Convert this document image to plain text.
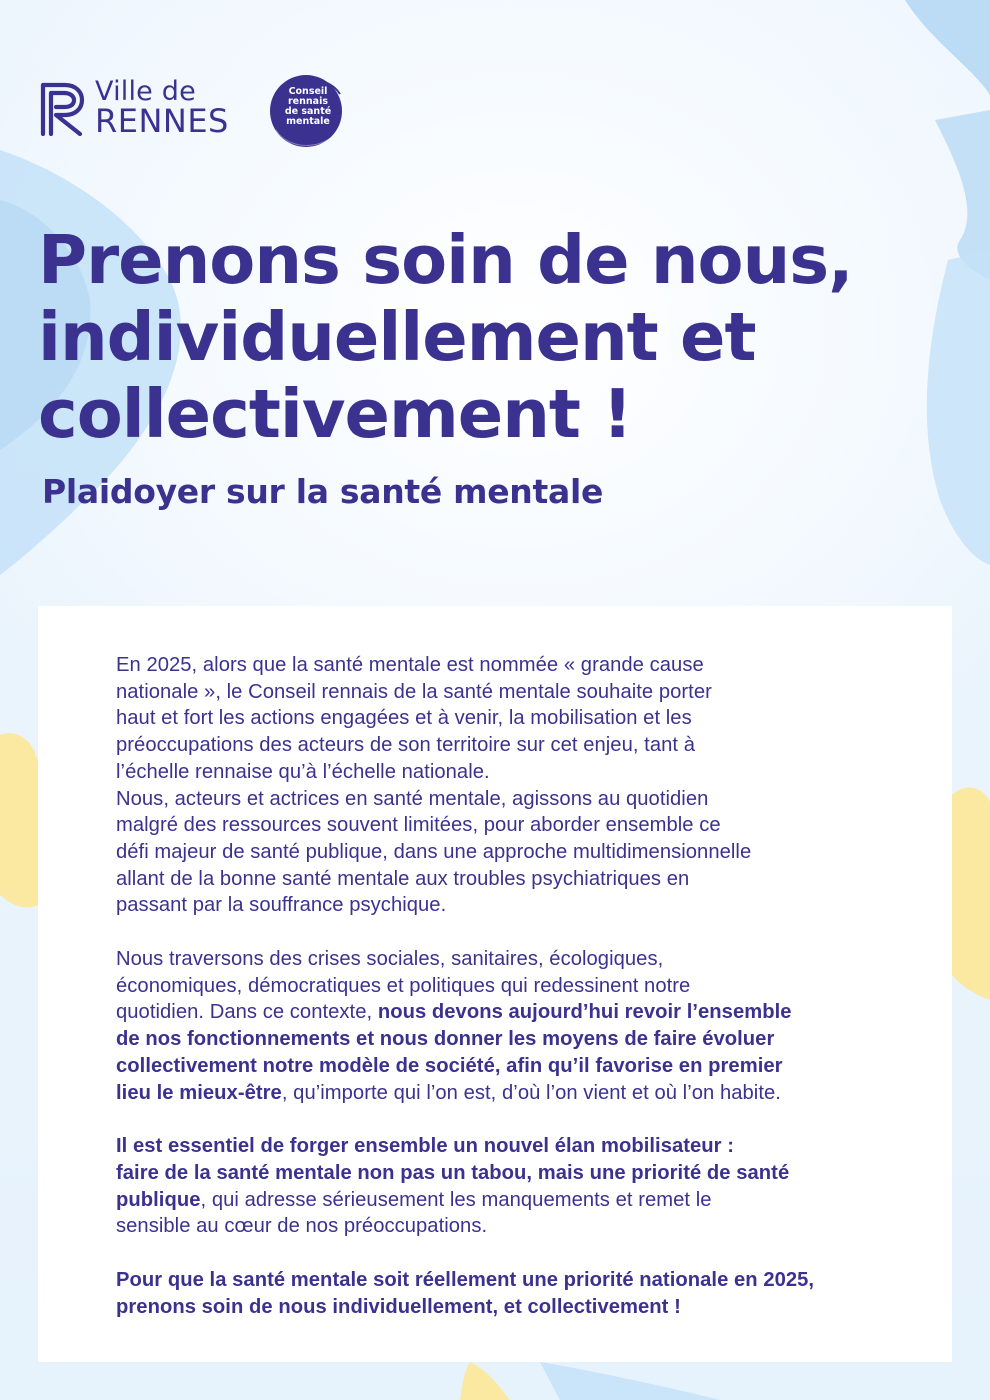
Ville de
RENNES
Conseil
rennais
de santé
mentale
Prenons soin de nous,
individuellement et
collectivement !
Plaidoyer sur la santé mentale

En 2025, alors que la santé mentale est nommée « grande cause
nationale », le Conseil rennais de la santé mentale souhaite porter
haut et fort les actions engagées et à venir, la mobilisation et les
préoccupations des acteurs de son territoire sur cet enjeu, tant à
l’échelle rennaise qu’à l’échelle nationale.
Nous, acteurs et actrices en santé mentale, agissons au quotidien
malgré des ressources souvent limitées, pour aborder ensemble ce
défi majeur de santé publique, dans une approche multidimensionnelle
allant de la bonne santé mentale aux troubles psychiatriques en
passant par la souffrance psychique.

Nous traversons des crises sociales, sanitaires, écologiques,
économiques, démocratiques et politiques qui redessinent notre
quotidien. Dans ce contexte, nous devons aujourd’hui revoir l’ensemble
de nos fonctionnements et nous donner les moyens de faire évoluer
collectivement notre modèle de société, afin qu’il favorise en premier
lieu le mieux-être, qu’importe qui l’on est, d’où l’on vient et où l’on habite.

Il est essentiel de forger ensemble un nouvel élan mobilisateur :
faire de la santé mentale non pas un tabou, mais une priorité de santé
publique, qui adresse sérieusement les manquements et remet le
sensible au cœur de nos préoccupations.

Pour que la santé mentale soit réellement une priorité nationale en 2025,
prenons soin de nous individuellement, et collectivement !
